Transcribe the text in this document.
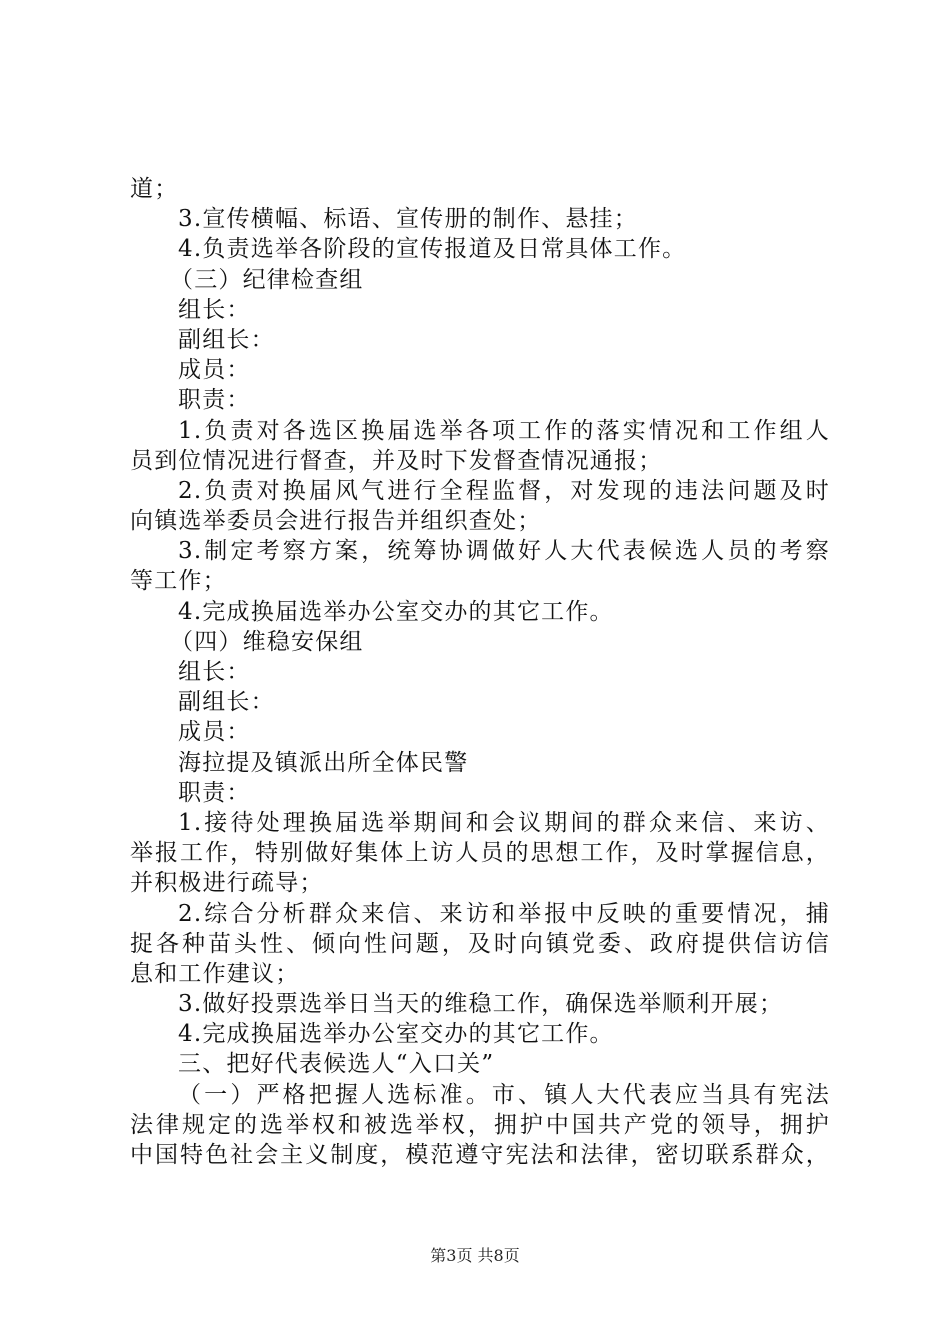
道；
3.宣传横幅、标语、宣传册的制作、悬挂；
4.负责选举各阶段的宣传报道及日常具体工作。
（三）纪律检查组
组长：
副组长：
成员：
职责：
1.负责对各选区换届选举各项工作的落实情况和工作组人
员到位情况进行督查，并及时下发督查情况通报；
2.负责对换届风气进行全程监督，对发现的违法问题及时
向镇选举委员会进行报告并组织查处；
3.制定考察方案，统筹协调做好人大代表候选人员的考察
等工作；
4.完成换届选举办公室交办的其它工作。
（四）维稳安保组
组长：
副组长：
成员：
海拉提及镇派出所全体民警
职责：
1.接待处理换届选举期间和会议期间的群众来信、来访、
举报工作，特别做好集体上访人员的思想工作，及时掌握信息，
并积极进行疏导；
2.综合分析群众来信、来访和举报中反映的重要情况，捕
捉各种苗头性、倾向性问题，及时向镇党委、政府提供信访信
息和工作建议；
3.做好投票选举日当天的维稳工作，确保选举顺利开展；
4.完成换届选举办公室交办的其它工作。
三、把好代表候选人“入口关”
（一）严格把握人选标准。市、镇人大代表应当具有宪法
法律规定的选举权和被选举权，拥护中国共产党的领导，拥护
中国特色社会主义制度，模范遵守宪法和法律，密切联系群众，
第3页 共8页
